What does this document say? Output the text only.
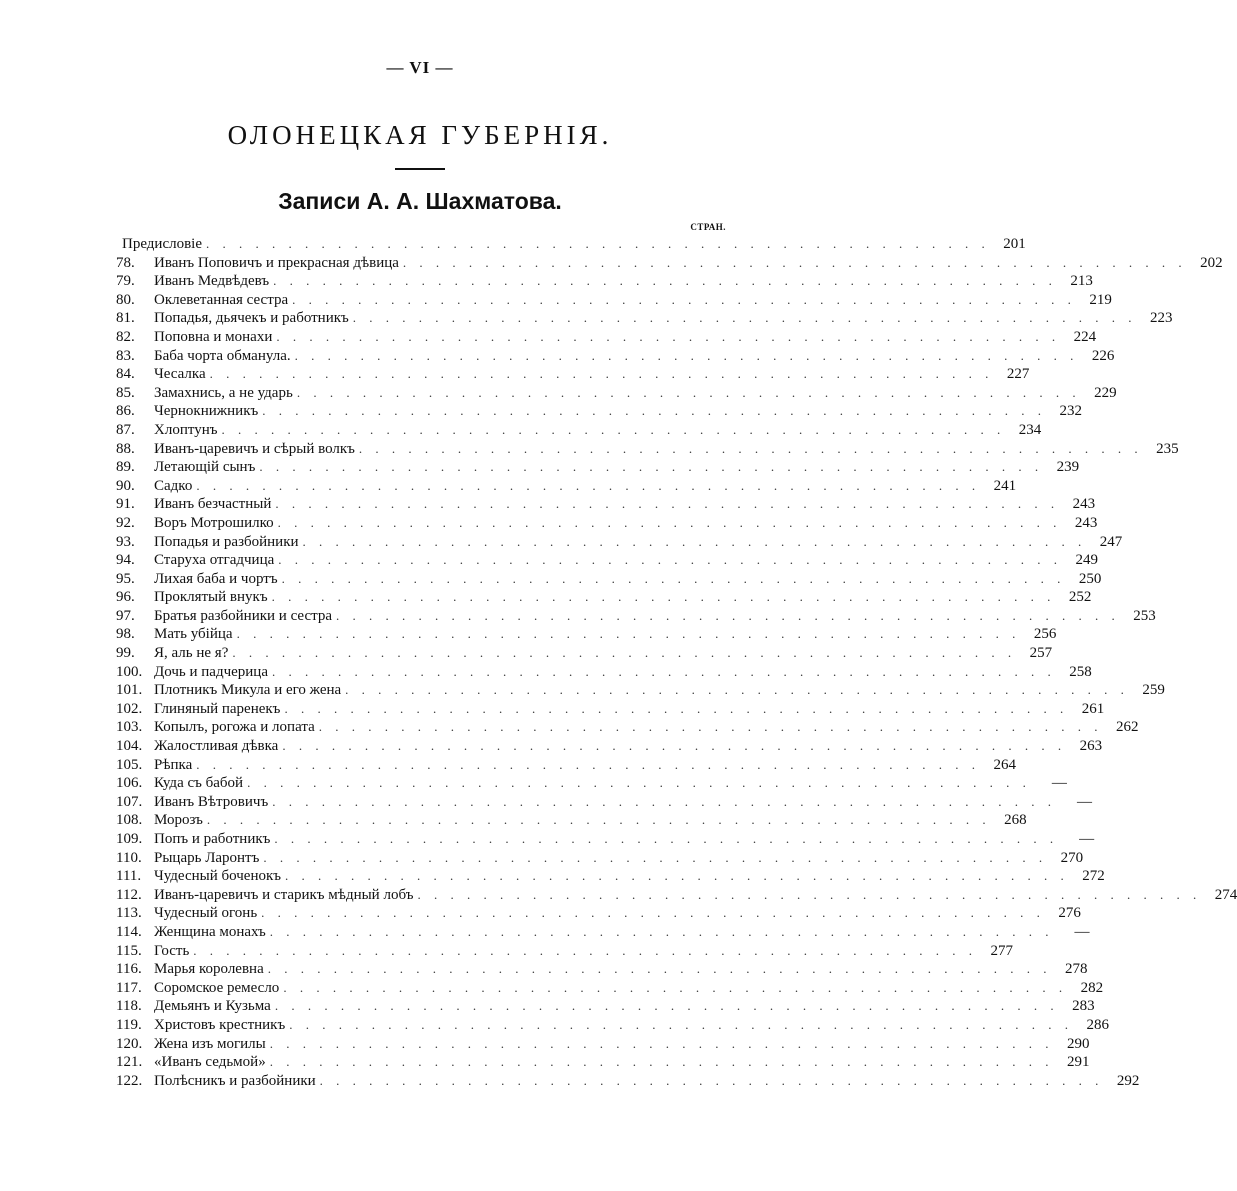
— VI —
ОЛОНЕЦКАЯ ГУБЕРНІЯ.
Записи А. А. Шахматова.
СТРАН.
Предисловіе . . . . . . . . . . . . . . . . . . . . . . . . . . . . . . . . . . . . . . . . . . . . . . . . 201
78.	Иванъ Поповичъ и прекрасная дѣвица . . . . . . . . . . . . . . . . . . . . . . . . . . . . . . . . . . . . . . . . . . . . . . . . 202
79.	Иванъ Медвѣдевъ . . . . . . . . . . . . . . . . . . . . . . . . . . . . . . . . . . . . . . . . . . . . . . . . 213
80.	Оклеветанная сестра . . . . . . . . . . . . . . . . . . . . . . . . . . . . . . . . . . . . . . . . . . . . . . . . 219
81.	Попадья, дьячекъ и работникъ . . . . . . . . . . . . . . . . . . . . . . . . . . . . . . . . . . . . . . . . . . . . . . . . 223
82.	Поповна и монахи . . . . . . . . . . . . . . . . . . . . . . . . . . . . . . . . . . . . . . . . . . . . . . . . 224
83.	Баба чорта обманула. . . . . . . . . . . . . . . . . . . . . . . . . . . . . . . . . . . . . . . . . . . . . . . . . 226
84.	Чесалка . . . . . . . . . . . . . . . . . . . . . . . . . . . . . . . . . . . . . . . . . . . . . . . . 227
85.	Замахнись, а не ударь . . . . . . . . . . . . . . . . . . . . . . . . . . . . . . . . . . . . . . . . . . . . . . . . 229
86.	Чернокнижникъ . . . . . . . . . . . . . . . . . . . . . . . . . . . . . . . . . . . . . . . . . . . . . . . . 232
87.	Хлоптунъ . . . . . . . . . . . . . . . . . . . . . . . . . . . . . . . . . . . . . . . . . . . . . . . . 234
88.	Иванъ-царевичъ и сѣрый волкъ . . . . . . . . . . . . . . . . . . . . . . . . . . . . . . . . . . . . . . . . . . . . . . . . 235
89.	Летающій сынъ . . . . . . . . . . . . . . . . . . . . . . . . . . . . . . . . . . . . . . . . . . . . . . . . 239
90.	Садко . . . . . . . . . . . . . . . . . . . . . . . . . . . . . . . . . . . . . . . . . . . . . . . . 241
91.	Иванъ безчастный . . . . . . . . . . . . . . . . . . . . . . . . . . . . . . . . . . . . . . . . . . . . . . . . 243
92.	Воръ Мотрошилко . . . . . . . . . . . . . . . . . . . . . . . . . . . . . . . . . . . . . . . . . . . . . . . . 243
93.	Попадья и разбойники . . . . . . . . . . . . . . . . . . . . . . . . . . . . . . . . . . . . . . . . . . . . . . . . 247
94.	Старуха отгадчица . . . . . . . . . . . . . . . . . . . . . . . . . . . . . . . . . . . . . . . . . . . . . . . . 249
95.	Лихая баба и чортъ . . . . . . . . . . . . . . . . . . . . . . . . . . . . . . . . . . . . . . . . . . . . . . . . 250
96.	Проклятый внукъ . . . . . . . . . . . . . . . . . . . . . . . . . . . . . . . . . . . . . . . . . . . . . . . . 252
97.	Братья разбойники и сестра . . . . . . . . . . . . . . . . . . . . . . . . . . . . . . . . . . . . . . . . . . . . . . . . 253
98.	Мать убійца . . . . . . . . . . . . . . . . . . . . . . . . . . . . . . . . . . . . . . . . . . . . . . . . 256
99.	Я, аль не я? . . . . . . . . . . . . . . . . . . . . . . . . . . . . . . . . . . . . . . . . . . . . . . . . 257
100. Дочь и падчерица . . . . . . . . . . . . . . . . . . . . . . . . . . . . . . . . . . . . . . . . . . . . . . . . 258
101. Плотникъ Микула и его жена . . . . . . . . . . . . . . . . . . . . . . . . . . . . . . . . . . . . . . . . . . . . . . . . 259
102. Глиняный паренекъ . . . . . . . . . . . . . . . . . . . . . . . . . . . . . . . . . . . . . . . . . . . . . . . . 261
103. Копылъ, рогожа и лопата . . . . . . . . . . . . . . . . . . . . . . . . . . . . . . . . . . . . . . . . . . . . . . . . 262
104. Жалостливая дѣвка . . . . . . . . . . . . . . . . . . . . . . . . . . . . . . . . . . . . . . . . . . . . . . . . 263
105. Рѣпка . . . . . . . . . . . . . . . . . . . . . . . . . . . . . . . . . . . . . . . . . . . . . . . . 264
106. Куда съ бабой . . . . . . . . . . . . . . . . . . . . . . . . . . . . . . . . . . . . . . . . . . . . . . . .	—
107. Иванъ Вѣтровичъ . . . . . . . . . . . . . . . . . . . . . . . . . . . . . . . . . . . . . . . . . . . . . . . .	—
108. Морозъ . . . . . . . . . . . . . . . . . . . . . . . . . . . . . . . . . . . . . . . . . . . . . . . . 268
109. Попъ и работникъ . . . . . . . . . . . . . . . . . . . . . . . . . . . . . . . . . . . . . . . . . . . . . . . .	—
110. Рыцарь Ларонтъ . . . . . . . . . . . . . . . . . . . . . . . . . . . . . . . . . . . . . . . . . . . . . . . . 270
111. Чудесный боченокъ . . . . . . . . . . . . . . . . . . . . . . . . . . . . . . . . . . . . . . . . . . . . . . . . 272
112. Иванъ-царевичъ и старикъ мѣдный лобъ . . . . . . . . . . . . . . . . . . . . . . . . . . . . . . . . . . . . . . . . . . . . . . . . 274
113. Чудесный огонь . . . . . . . . . . . . . . . . . . . . . . . . . . . . . . . . . . . . . . . . . . . . . . . . 276
114. Женщина монахъ . . . . . . . . . . . . . . . . . . . . . . . . . . . . . . . . . . . . . . . . . . . . . . . .	—
115. Гость . . . . . . . . . . . . . . . . . . . . . . . . . . . . . . . . . . . . . . . . . . . . . . . . 277
116. Марья королевна . . . . . . . . . . . . . . . . . . . . . . . . . . . . . . . . . . . . . . . . . . . . . . . . 278
117. Соромское ремесло . . . . . . . . . . . . . . . . . . . . . . . . . . . . . . . . . . . . . . . . . . . . . . . . 282
118. Демьянъ и Кузьма . . . . . . . . . . . . . . . . . . . . . . . . . . . . . . . . . . . . . . . . . . . . . . . . 283
119. Христовъ крестникъ . . . . . . . . . . . . . . . . . . . . . . . . . . . . . . . . . . . . . . . . . . . . . . . . 286
120. Жена изъ могилы . . . . . . . . . . . . . . . . . . . . . . . . . . . . . . . . . . . . . . . . . . . . . . . . 290
121. «Иванъ седьмой» . . . . . . . . . . . . . . . . . . . . . . . . . . . . . . . . . . . . . . . . . . . . . . . . 291
122. Полѣсникъ и разбойники . . . . . . . . . . . . . . . . . . . . . . . . . . . . . . . . . . . . . . . . . . . . . . . . 292
